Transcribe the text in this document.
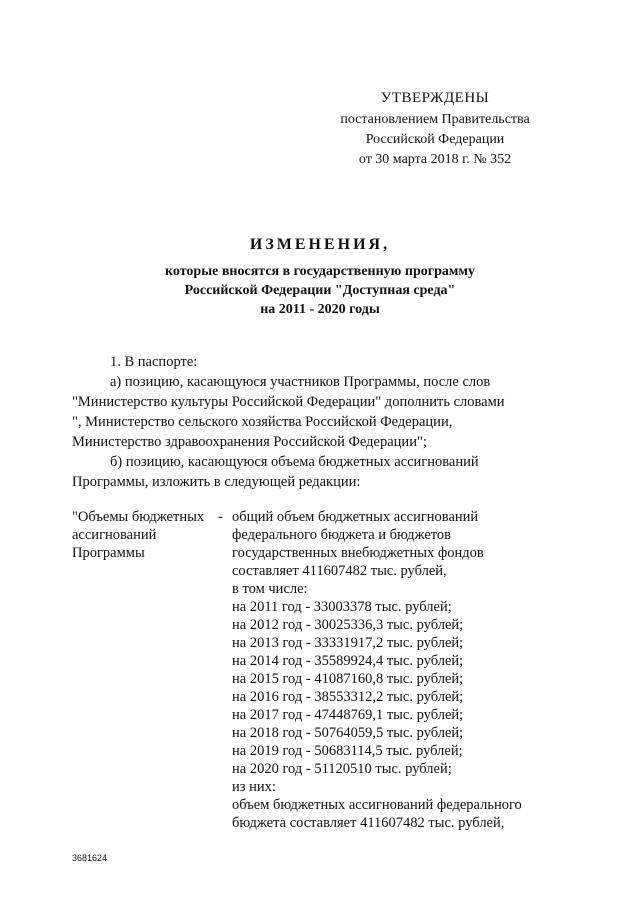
УТВЕРЖДЕНЫ
постановлением Правительства
Российской Федерации
от 30 марта 2018 г. № 352
ИЗМЕНЕНИЯ,
которые вносятся в государственную программу
Российской Федерации "Доступная среда"
на 2011 - 2020 годы

1. В паспорте:

а) позицию, касающуюся участников Программы, после слов

"Министерство культуры Российской Федерации" дополнить словами

", Министерство сельского хозяйства Российской Федерации,

Министерство здравоохранения Российской Федерации";

б) позицию, касающуюся объема бюджетных ассигнований

Программы, изложить в следующей редакции:

"Объемы бюджетных
ассигнований
Программы
- общий объем бюджетных ассигнований
федерального бюджета и бюджетов
государственных внебюджетных фондов
составляет 411607482 тыс. рублей,
в том числе:
на 2011 год - 33003378 тыс. рублей;
на 2012 год - 30025336,3 тыс. рублей;
на 2013 год - 33331917,2 тыс. рублей;
на 2014 год - 35589924,4 тыс. рублей;
на 2015 год - 41087160,8 тыс. рублей;
на 2016 год - 38553312,2 тыс. рублей;
на 2017 год - 47448769,1 тыс. рублей;
на 2018 год - 50764059,5 тыс. рублей;
на 2019 год - 50683114,5 тыс. рублей;
на 2020 год - 51120510 тыс. рублей;
из них:
объем бюджетных ассигнований федерального
бюджета составляет 411607482 тыс. рублей,
3681624
